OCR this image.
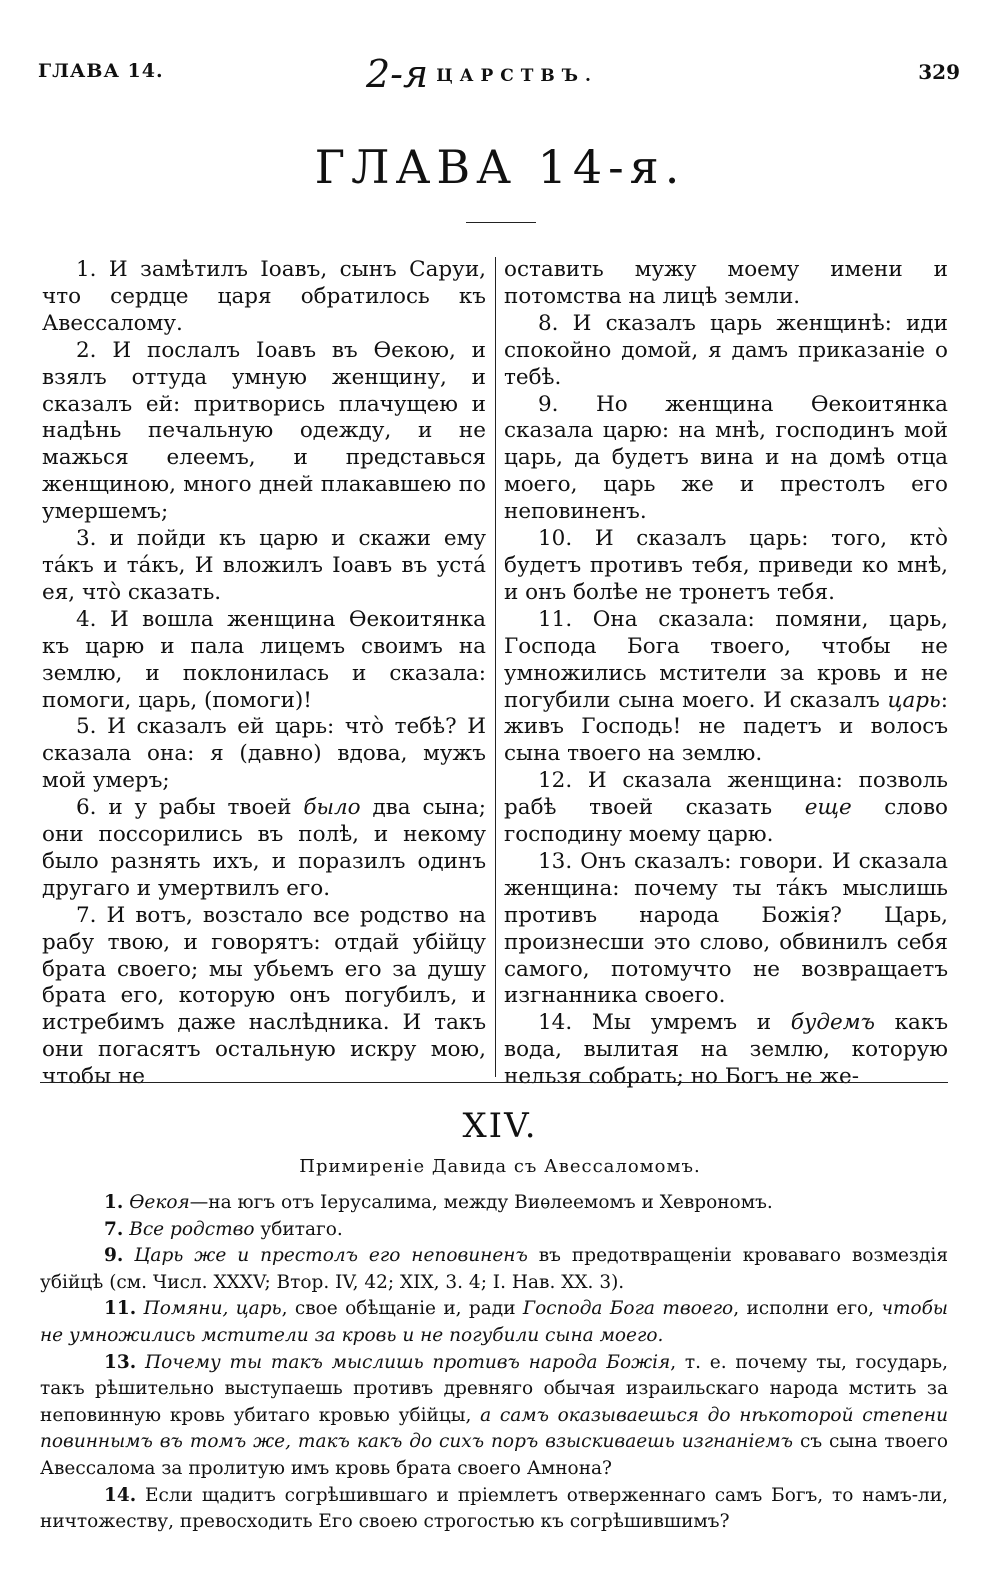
ГЛАВА 14.	2-я ЦАРСТВЪ.	329
ГЛАВА 14-я.

1. И замѣтилъ Іоавъ, сынъ Саруи, что сердце царя обратилось къ Авессалому.

2. И послалъ Іоавъ въ Ѳекою, и взялъ оттуда умную женщину, и сказалъ ей: притворись плачущею и надѣнь печальную одежду, и не мажься елеемъ, и представься женщиною, много дней плакавшею по умершемъ;

3. и пойди къ царю и скажи ему та́къ и та́къ, И вложилъ Іоавъ въ уста́ ея, что̀ сказать.

4. И вошла женщина Ѳекоитянка къ царю и пала лицемъ своимъ на землю, и поклонилась и сказала: помоги, царь, (помоги)!

5. И сказалъ ей царь: что̀ тебѣ? И сказала она: я (давно) вдова, мужъ мой умеръ;

6. и у рабы твоей было два сына; они поссорились въ полѣ, и некому было разнять ихъ, и поразилъ одинъ другаго и умертвилъ его.

7. И вотъ, возстало все родство на рабу твою, и говорятъ: отдай убійцу брата своего; мы убьемъ его за душу брата его, которую онъ погубилъ, и истребимъ даже наслѣдника. И такъ они погасятъ остальную искру мою, чтобы не

оставить мужу моему имени и потомства на лицѣ земли.

8. И сказалъ царь женщинѣ: иди спокойно домой, я дамъ приказаніе о тебѣ.

9. Но женщина Ѳекоитянка сказала царю: на мнѣ, господинъ мой царь, да будетъ вина и на домѣ отца моего, царь же и престолъ его неповиненъ.

10. И сказалъ царь: того, кто̀ будетъ противъ тебя, приведи ко мнѣ, и онъ болѣе не тронетъ тебя.

11. Она сказала: помяни, царь, Господа Бога твоего, чтобы не умножились мстители за кровь и не погубили сына моего. И сказалъ царь: живъ Господь! не падетъ и волосъ сына твоего на землю.

12. И сказала женщина: позволь рабѣ твоей сказать еще слово господину моему царю.

13. Онъ сказалъ: говори. И сказала женщина: почему ты та́къ мыслишь противъ народа Божія? Царь, произнесши это слово, обвинилъ себя самого, потомучто не возвращаетъ изгнанника своего.

14. Мы умремъ и будемъ какъ вода, вылитая на землю, которую нельзя собрать; но Богъ не же-

XIV.
Примиреніе Давида съ Авессаломомъ.

1. Ѳекоя—на югъ отъ Іерусалима, между Виѳлеемомъ и Хеврономъ.

7. Все родство убитаго.

9. Царь же и престолъ его неповиненъ въ предотвращеніи кроваваго возмездія убійцѣ (см. Числ. XXXV; Втор. IV, 42; XIX, 3. 4; І. Нав. XX. 3).

11. Помяни, царь, свое обѣщаніе и, ради Господа Бога твоего, исполни его, чтобы не умножились мстители за кровь и не погубили сына моего.

13. Почему ты такъ мыслишь противъ народа Божія, т. е. почему ты, государь, такъ рѣшительно выступаешь противъ древняго обычая израильскаго народа мстить за неповинную кровь убитаго кровью убійцы, а самъ оказываешься до нѣкоторой степени повиннымъ въ томъ же, такъ какъ до сихъ поръ взыскиваешь изгнаніемъ съ сына твоего Авессалома за пролитую имъ кровь брата своего Амнона?

14. Если щадитъ согрѣшившаго и пріемлетъ отверженнаго самъ Богъ, то намъ-ли, ничтожеству, превосходить Его своею строгостью къ согрѣшившимъ?
